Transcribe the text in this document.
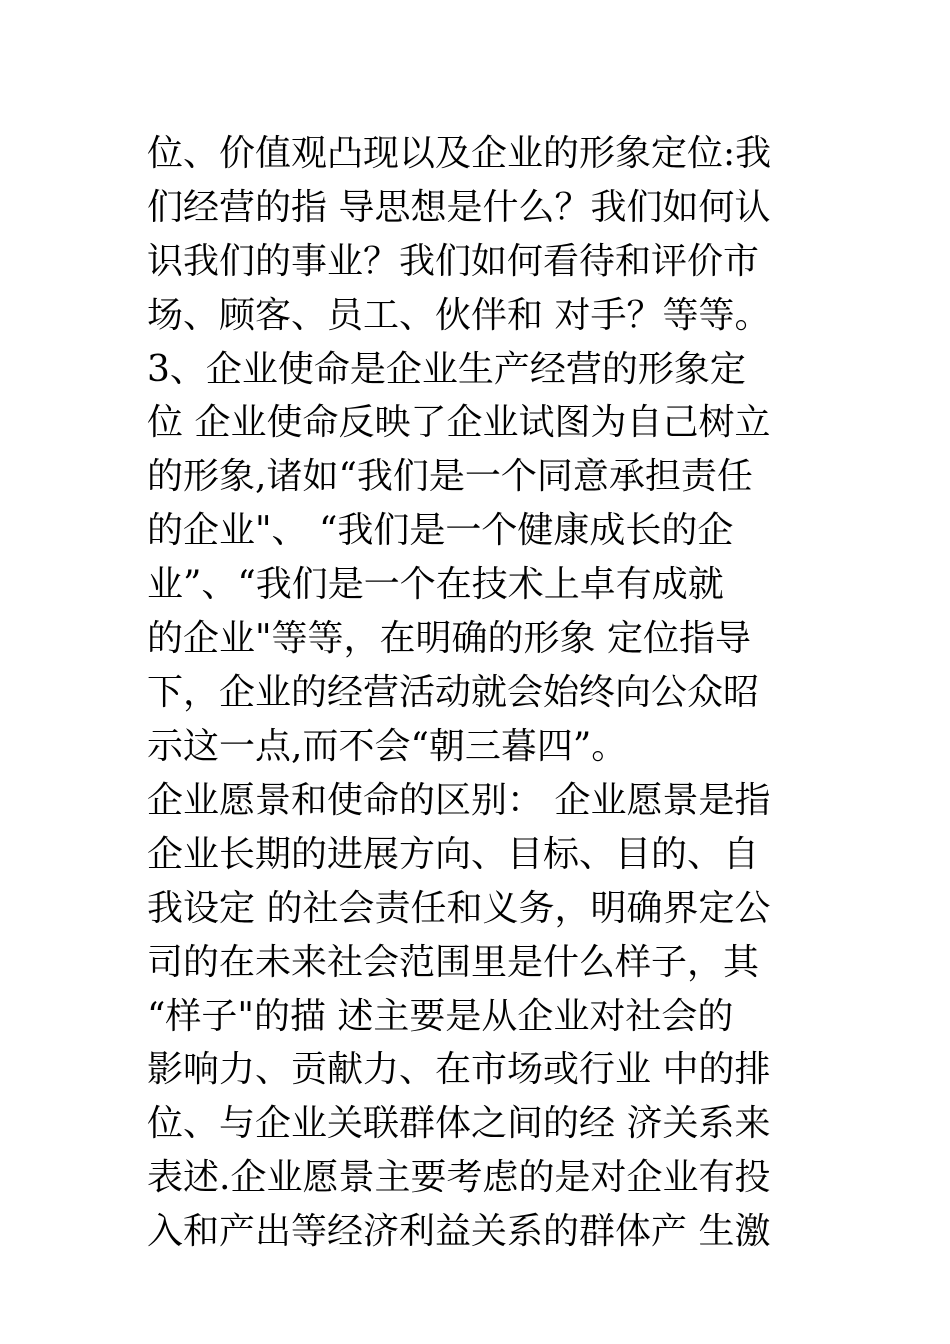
位、价值观凸现以及企业的形象定位:我
们经营的指 导思想是什么？我们如何认
识我们的事业？我们如何看待和评价市
场、顾客、员工、伙伴和 对手？等等。
3、企业使命是企业生产经营的形象定
位 企业使命反映了企业试图为自己树立
的形象,诸如“我们是一个同意承担责任
的企业"、 “我们是一个健康成长的企
业”、“我们是一个在技术上卓有成就
的企业"等等，在明确的形象 定位指导
下，企业的经营活动就会始终向公众昭
示这一点,而不会“朝三暮四”。
企业愿景和使命的区别： 企业愿景是指
企业长期的进展方向、目标、目的、自
我设定 的社会责任和义务，明确界定公
司的在未来社会范围里是什么样子，其
“样子"的描 述主要是从企业对社会的
影响力、贡献力、在市场或行业 中的排
位、与企业关联群体之间的经 济关系来
表述.企业愿景主要考虑的是对企业有投
入和产出等经济利益关系的群体产 生激
